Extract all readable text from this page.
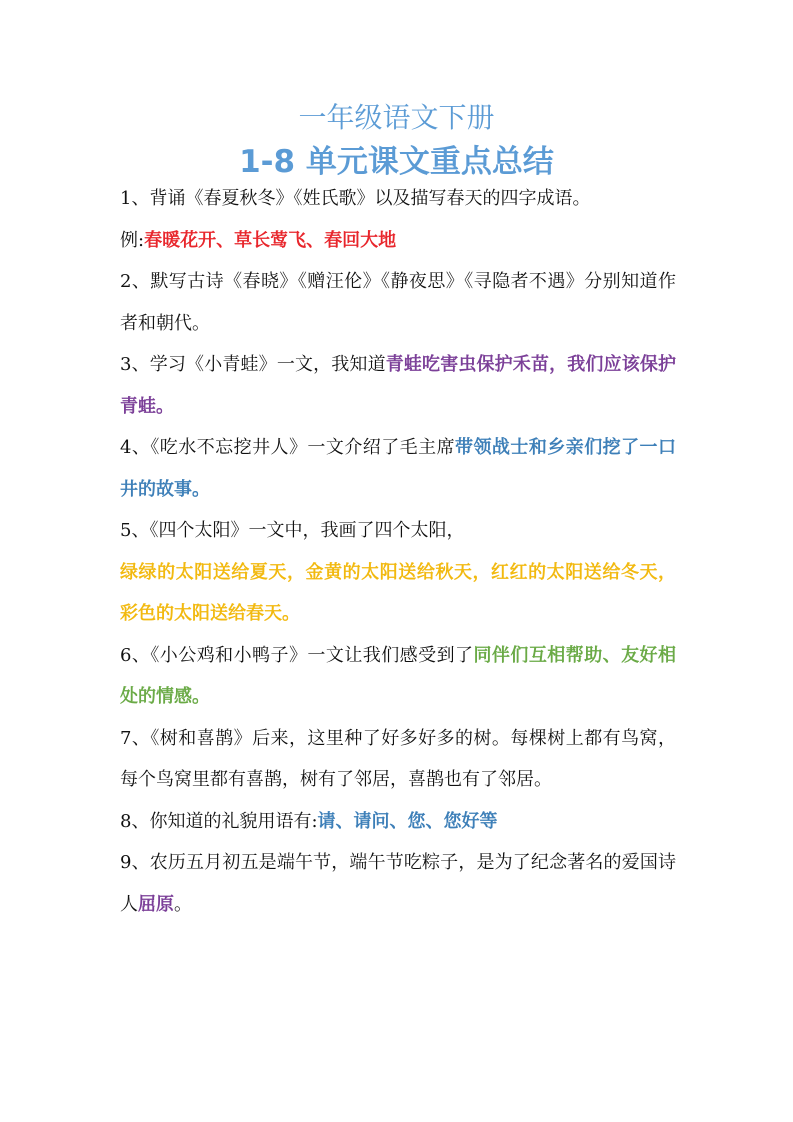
一年级语文下册
1-8 单元课文重点总结

1、背诵《春夏秋冬》《姓氏歌》以及描写春天的四字成语。

例:春暖花开、草长莺飞、春回大地

2、默写古诗《春晓》《赠汪伦》《静夜思》《寻隐者不遇》分别知道作者和朝代。

3、学习《小青蛙》一文，我知道青蛙吃害虫保护禾苗，我们应该保护青蛙。

4、《吃水不忘挖井人》一文介绍了毛主席带领战士和乡亲们挖了一口井的故事。

5、《四个太阳》一文中，我画了四个太阳，

绿绿的太阳送给夏天，金黄的太阳送给秋天，红红的太阳送给冬天，彩色的太阳送给春天。

6、《小公鸡和小鸭子》一文让我们感受到了同伴们互相帮助、友好相处的情感。

7、《树和喜鹊》后来，这里种了好多好多的树。每棵树上都有鸟窝，每个鸟窝里都有喜鹊，树有了邻居，喜鹊也有了邻居。

8、你知道的礼貌用语有:请、请问、您、您好等

9、农历五月初五是端午节，端午节吃粽子，是为了纪念著名的爱国诗人屈原。
